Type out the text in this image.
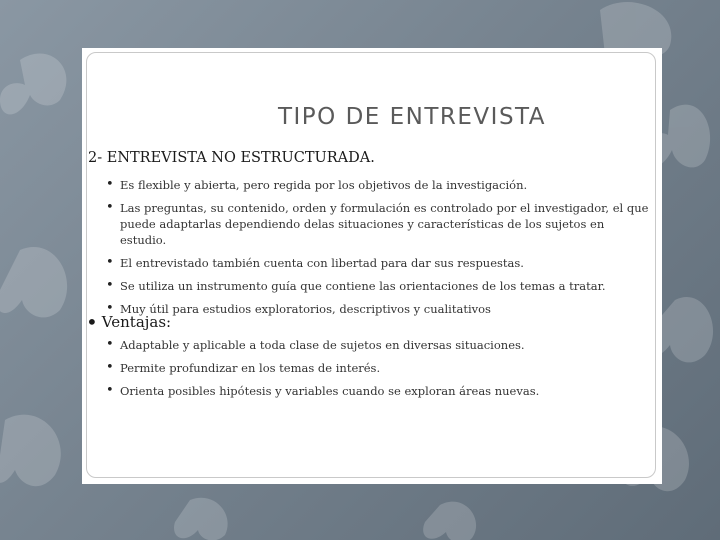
TIPO DE ENTREVISTA
2- ENTREVISTA NO ESTRUCTURADA.
• Es flexible y abierta, pero regida por los objetivos de la investigación.
• Las preguntas, su contenido, orden y formulación es controlado por el investigador, el que puede adaptarlas dependiendo delas situaciones y características de los sujetos en estudio.
• El entrevistado también cuenta con libertad para dar sus respuestas.
• Se utiliza un instrumento guía que contiene las orientaciones de los temas a tratar.
• Muy útil para estudios exploratorios, descriptivos y cualitativos
• Ventajas:
• Adaptable y aplicable a toda clase de sujetos en diversas situaciones.
• Permite profundizar en los temas de interés.
• Orienta posibles hipótesis y variables cuando se exploran áreas nuevas.
